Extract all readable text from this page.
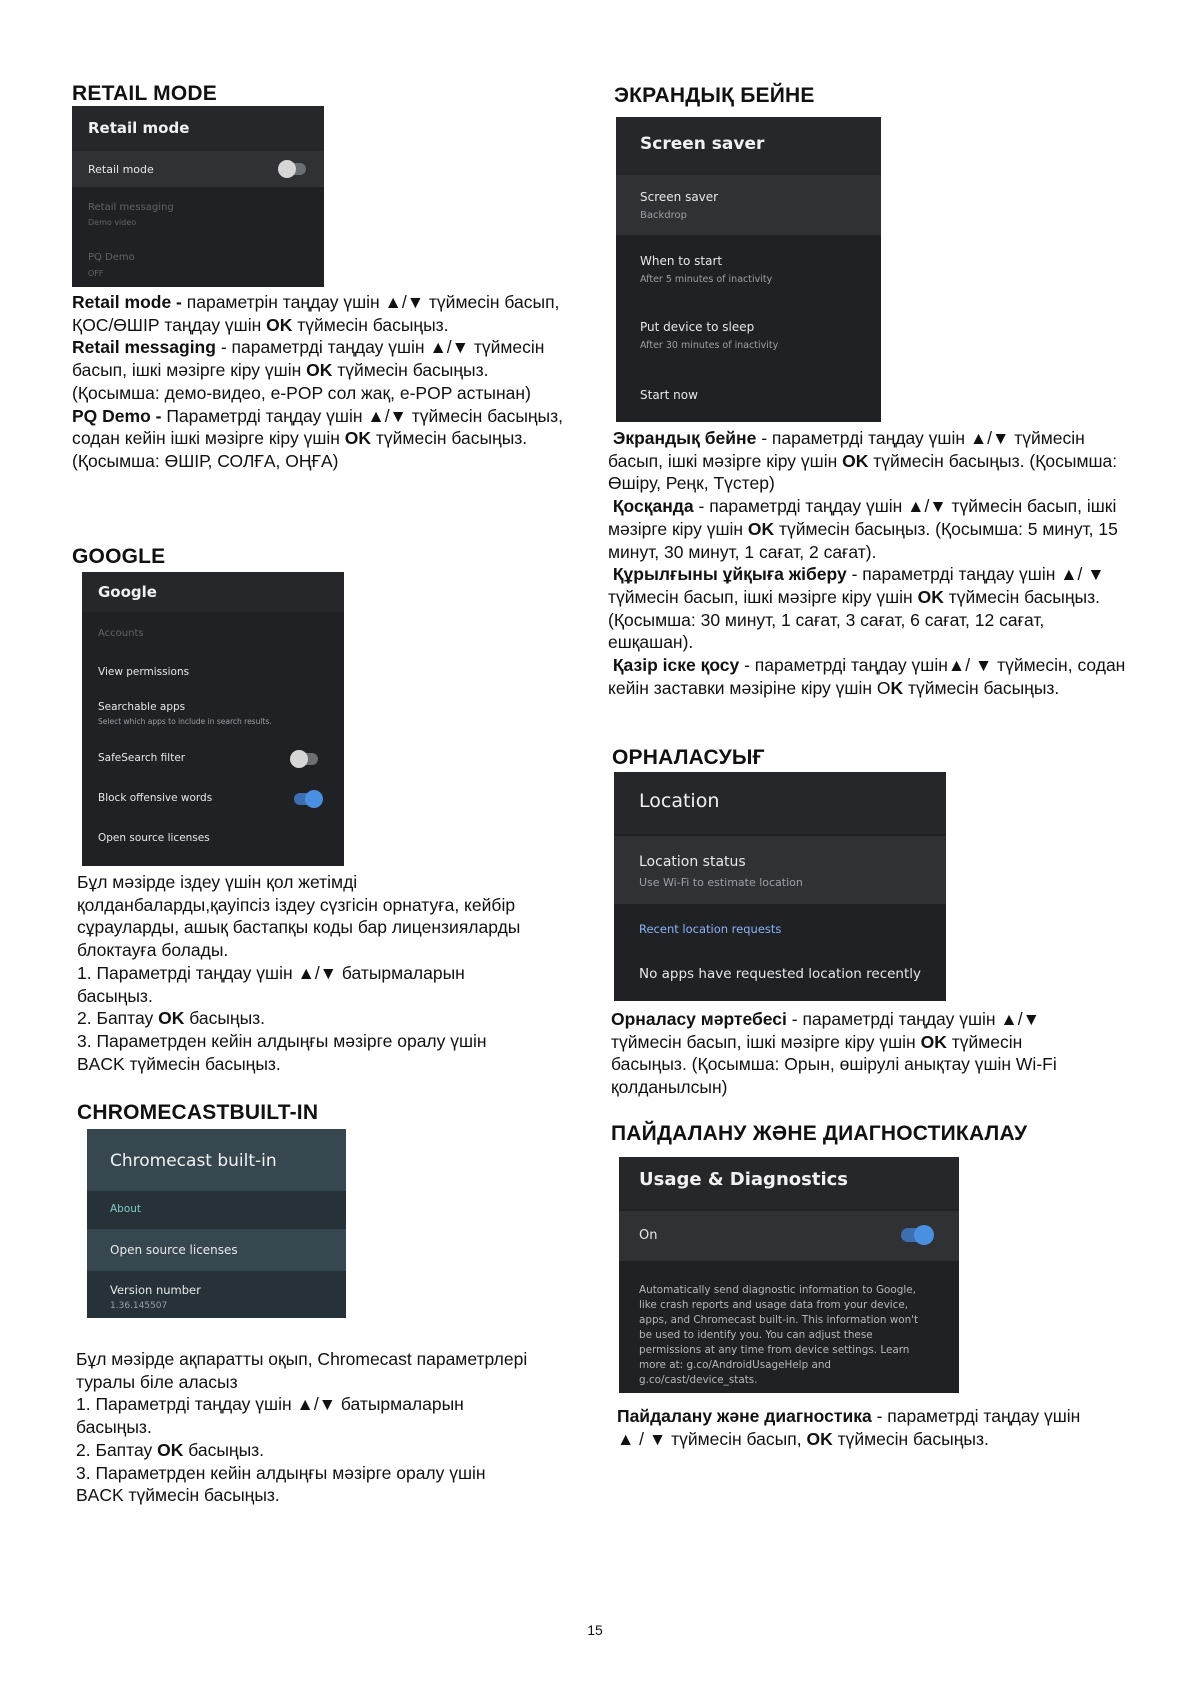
RETAIL MODE
Retail mode
Retail mode
Retail messaging
Demo video
PQ Demo
OFF

Retail mode - параметрін таңдау үшін ▲/▼ түймесін басып, ҚОС/ӨШІР таңдау үшін OK түймесін басыңыз.

Retail messaging - параметрді таңдау үшін ▲/▼ түймесін басып, ішкі мәзірге кіру үшін OK түймесін басыңыз. (Қосымша: демо-видео, e-POP сол жақ, e-POP астынан)

PQ Demo - Параметрді таңдау үшін ▲/▼ түймесін басыңыз, содан кейін ішкі мәзірге кіру үшін OK түймесін басыңыз.

(Қосымша: ӨШІР, СОЛҒА, ОҢҒА)

GOOGLE
Google
Accounts
View permissions
Searchable apps
Select which apps to include in search results.
SafeSearch filter
Block offensive words
Open source licenses

Бұл мәзірде іздеу үшін қол жетімді қолданбаларды,қауіпсіз іздеу сүзгісін орнатуға, кейбір сұрауларды, ашық бастапқы коды бар лицензияларды блоктауға болады.

1. Параметрді таңдау үшін ▲/▼ батырмаларын басыңыз.

2. Баптау OK басыңыз.

3. Параметрден кейін алдыңғы мәзірге оралу үшін BACK түймесін басыңыз.

CHROMECASTBUILT-IN
Chromecast built-in
About
Open source licenses
Version number
1.36.145507

Бұл мәзірде ақпаратты оқып, Chromecast параметрлері туралы біле аласыз

1. Параметрді таңдау үшін ▲/▼ батырмаларын басыңыз.

2. Баптау OK басыңыз.

3. Параметрден кейін алдыңғы мәзірге оралу үшін BACK түймесін басыңыз.

ЭКРАНДЫҚ БЕЙНЕ
Screen saver
Screen saver
Backdrop
When to start
After 5 minutes of inactivity
Put device to sleep
After 30 minutes of inactivity
Start now

Экрандық бейне - параметрді таңдау үшін ▲/▼ түймесін басып, ішкі мәзірге кіру үшін OK түймесін басыңыз. (Қосымша: Өшіру, Реңк, Түстер)

Қосқанда - параметрді таңдау үшін ▲/▼ түймесін басып, ішкі мәзірге кіру үшін OK түймесін басыңыз. (Қосымша: 5 минут, 15 минут, 30 минут, 1 сағат, 2 сағат).

Құрылғыны ұйқыға жіберу - параметрді таңдау үшін ▲/ ▼ түймесін басып, ішкі мәзірге кіру үшін OK түймесін басыңыз. (Қосымша: 30 минут, 1 сағат, 3 сағат, 6 сағат, 12 сағат, ешқашан).

Қазір іске қосу - параметрді таңдау үшін▲/ ▼ түймесін, содан кейін заставки мәзіріне кіру үшін ОK түймесін басыңыз.

ОРНАЛАСУЫҒ
Location
Location status
Use Wi-Fi to estimate location
Recent location requests
No apps have requested location recently

Орналасу мәртебесі - параметрді таңдау үшін ▲/▼ түймесін басып, ішкі мәзірге кіру үшін OK түймесін басыңыз. (Қосымша: Орын, өшірулі анықтау үшін Wi-Fi қолданылсын)

ПАЙДАЛАНУ ЖӘНЕ ДИАГНОСТИКАЛАУ
Usage & Diagnostics
On
Automatically send diagnostic information to Google, like crash reports and usage data from your device, apps, and Chromecast built-in. This information won't be used to identify you. You can adjust these permissions at any time from device settings. Learn more at: g.co/AndroidUsageHelp and g.co/cast/device_stats.

Пайдалану және диагностика - параметрді таңдау үшін ▲ / ▼ түймесін басып, OK түймесін басыңыз.

15
